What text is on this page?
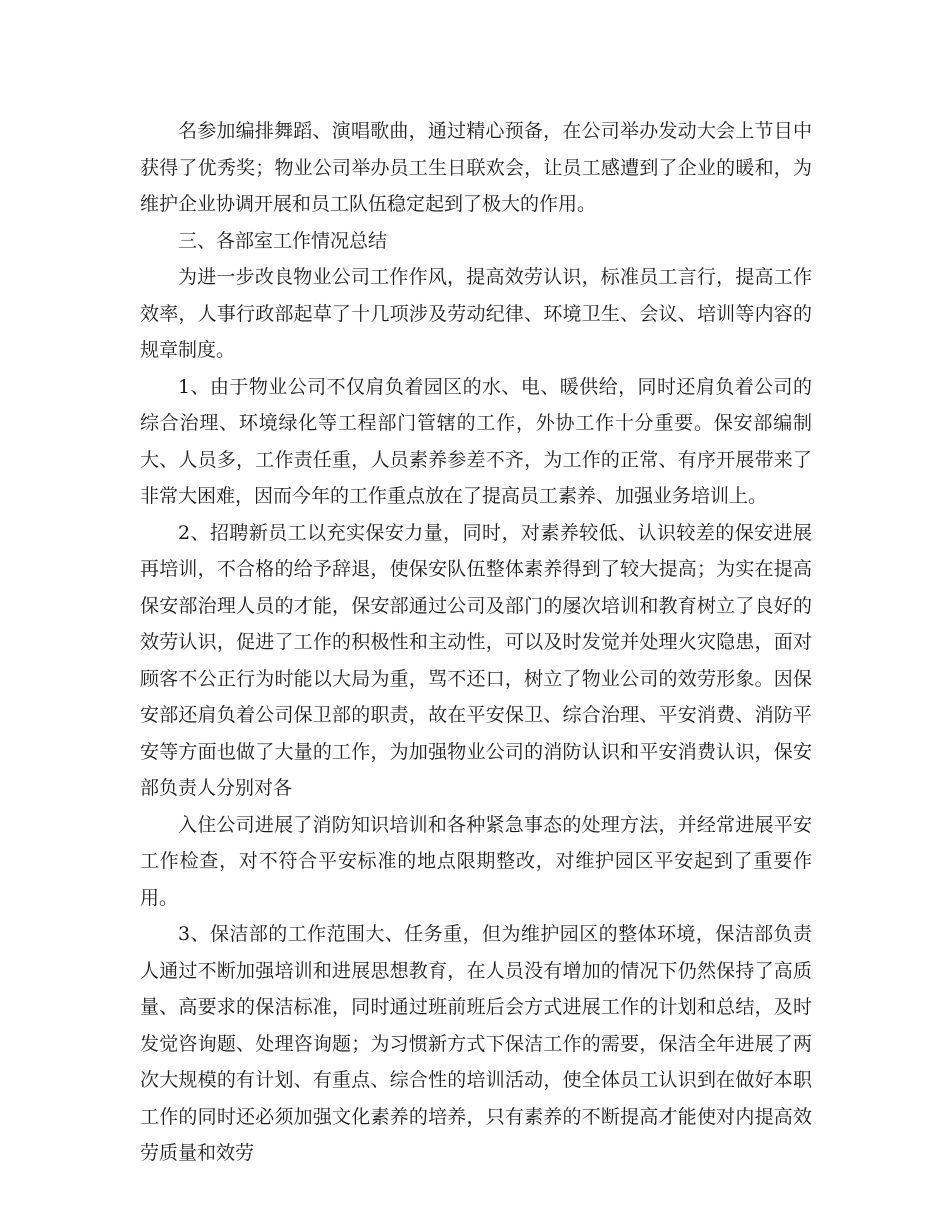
名参加编排舞蹈、演唱歌曲，通过精心预备，在公司举办发动大会上节目中获得了优秀奖；物业公司举办员工生日联欢会，让员工感遭到了企业的暖和，为维护企业协调开展和员工队伍稳定起到了极大的作用。

三、各部室工作情况总结

为进一步改良物业公司工作作风，提高效劳认识，标准员工言行，提高工作效率，人事行政部起草了十几项涉及劳动纪律、环境卫生、会议、培训等内容的规章制度。

1、由于物业公司不仅肩负着园区的水、电、暖供给，同时还肩负着公司的综合治理、环境绿化等工程部门管辖的工作，外协工作十分重要。保安部编制大、人员多，工作责任重，人员素养参差不齐，为工作的正常、有序开展带来了非常大困难，因而今年的工作重点放在了提高员工素养、加强业务培训上。

2、招聘新员工以充实保安力量，同时，对素养较低、认识较差的保安进展再培训，不合格的给予辞退，使保安队伍整体素养得到了较大提高；为实在提高保安部治理人员的才能，保安部通过公司及部门的屡次培训和教育树立了良好的效劳认识，促进了工作的积极性和主动性，可以及时发觉并处理火灾隐患，面对顾客不公正行为时能以大局为重，骂不还口，树立了物业公司的效劳形象。因保安部还肩负着公司保卫部的职责，故在平安保卫、综合治理、平安消费、消防平安等方面也做了大量的工作，为加强物业公司的消防认识和平安消费认识，保安部负责人分别对各

入住公司进展了消防知识培训和各种紧急事态的处理方法，并经常进展平安工作检查，对不符合平安标准的地点限期整改，对维护园区平安起到了重要作用。

3、保洁部的工作范围大、任务重，但为维护园区的整体环境，保洁部负责人通过不断加强培训和进展思想教育，在人员没有增加的情况下仍然保持了高质量、高要求的保洁标准，同时通过班前班后会方式进展工作的计划和总结，及时发觉咨询题、处理咨询题；为习惯新方式下保洁工作的需要，保洁全年进展了两次大规模的有计划、有重点、综合性的培训活动，使全体员工认识到在做好本职工作的同时还必须加强文化素养的培养，只有素养的不断提高才能使对内提高效劳质量和效劳
